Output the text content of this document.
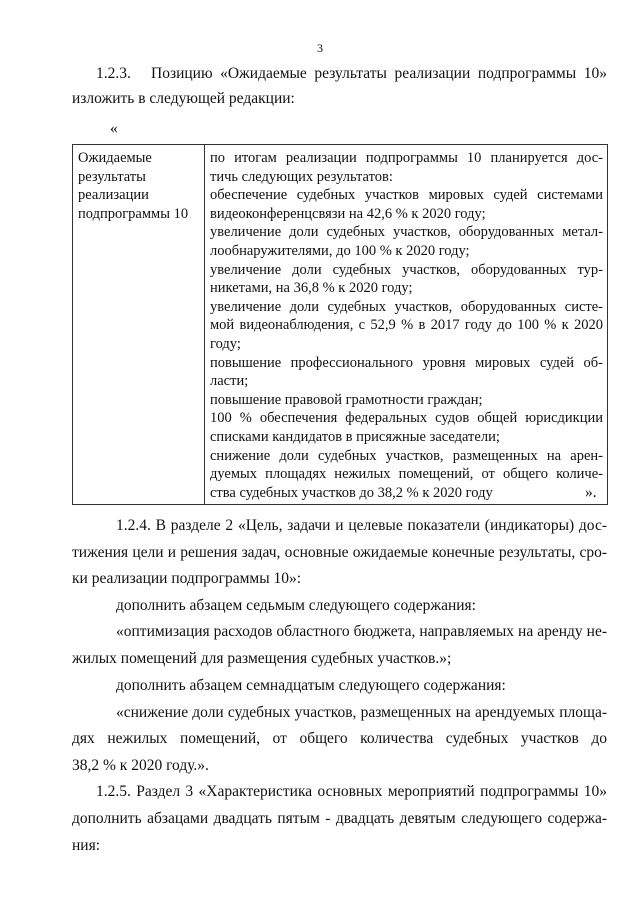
3
1.2.3. Позицию «Ожидаемые результаты реализации подпрограммы 10»
изложить в следующей редакции:
«
Ожидаемые
результаты
реализации
подпрограммы 10

по итогам реализации подпрограммы 10 планируется дос-
тичь следующих результатов:
обеспечение судебных участков мировых судей системами
видеоконференцсвязи на 42,6 % к 2020 году;
увеличение доли судебных участков, оборудованных метал-
лообнаружителями, до 100 % к 2020 году;
увеличение доли судебных участков, оборудованных тур-
никетами, на 36,8 % к 2020 году;
увеличение доли судебных участков, оборудованных систе-
мой видеонаблюдения, с 52,9 % в 2017 году до 100 % к 2020
году;
повышение профессионального уровня мировых судей об-
ласти;
повышение правовой грамотности граждан;
100 % обеспечения федеральных судов общей юрисдикции
списками кандидатов в присяжные заседатели;
снижение доли судебных участков, размещенных на арен-
дуемых площадях нежилых помещений, от общего количе-
ства судебных участков до 38,2 % к 2020 году	».
1.2.4. В разделе 2 «Цель, задачи и целевые показатели (индикаторы) дос-
тижения цели и решения задач, основные ожидаемые конечные результаты, сро-
ки реализации подпрограммы 10»:
дополнить абзацем седьмым следующего содержания:
«оптимизация расходов областного бюджета, направляемых на аренду не-
жилых помещений для размещения судебных участков.»;
дополнить абзацем семнадцатым следующего содержания:
«снижение доли судебных участков, размещенных на арендуемых площа-
дях нежилых помещений, от общего количества судебных участков до
38,2 % к 2020 году.».
1.2.5. Раздел 3 «Характеристика основных мероприятий подпрограммы 10»
дополнить абзацами двадцать пятым - двадцать девятым следующего содержа-
ния:
